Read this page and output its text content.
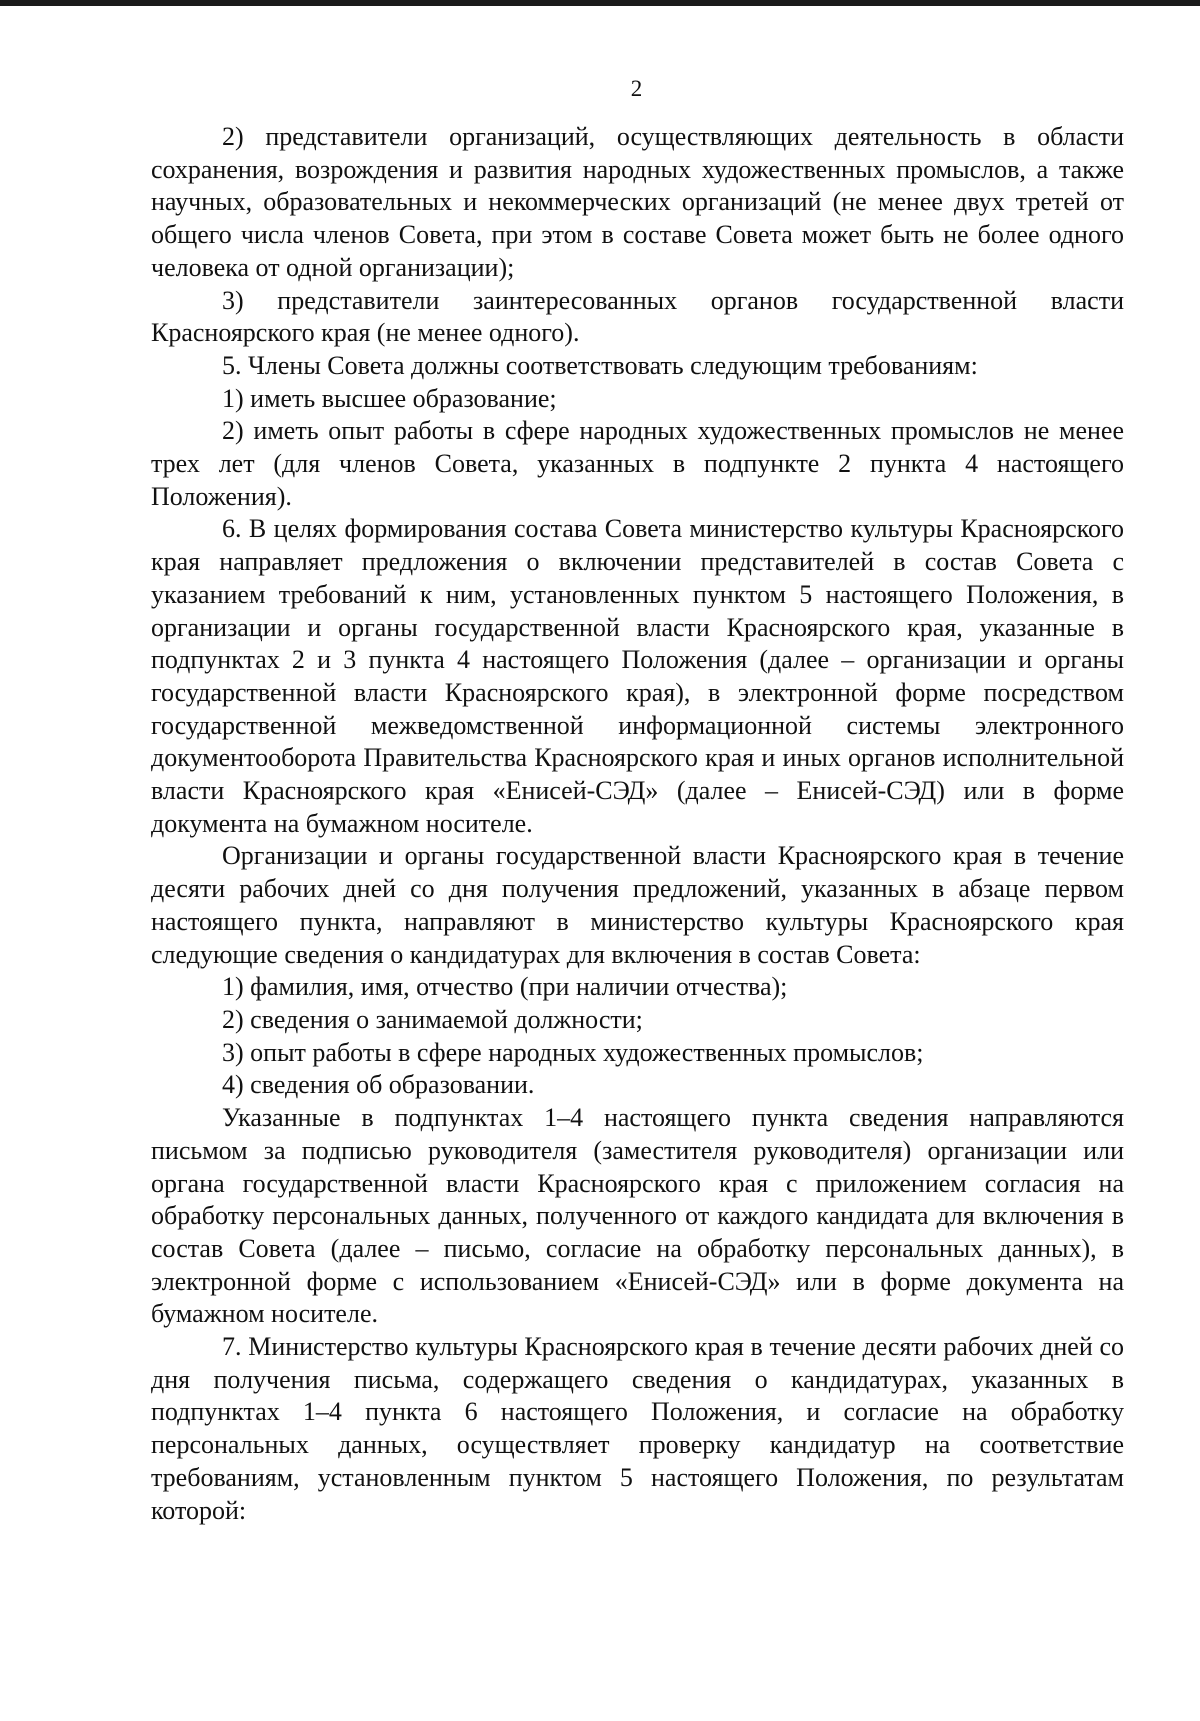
2

2) представители организаций, осуществляющих деятельность в области сохранения, возрождения и развития народных художественных промыслов, а также научных, образовательных и некоммерческих организаций (не менее двух третей от общего числа членов Совета, при этом в составе Совета может быть не более одного человека от одной организации);

3) представители заинтересованных органов государственной власти Красноярского края (не менее одного).

5. Члены Совета должны соответствовать следующим требованиям:

1) иметь высшее образование;

2) иметь опыт работы в сфере народных художественных промыслов не менее трех лет (для членов Совета, указанных в подпункте 2 пункта 4 настоящего Положения).

6. В целях формирования состава Совета министерство культуры Красноярского края направляет предложения о включении представителей в состав Совета с указанием требований к ним, установленных пунктом 5 настоящего Положения, в организации и органы государственной власти Красноярского края, указанные в подпунктах 2 и 3 пункта 4 настоящего Положения (далее – организации и органы государственной власти Красноярского края), в электронной форме посредством государственной межведомственной информационной системы электронного документооборота Правительства Красноярского края и иных органов исполнительной власти Красноярского края «Енисей-СЭД» (далее – Енисей-СЭД) или в форме документа на бумажном носителе.

Организации и органы государственной власти Красноярского края в течение десяти рабочих дней со дня получения предложений, указанных в абзаце первом настоящего пункта, направляют в министерство культуры Красноярского края следующие сведения о кандидатурах для включения в состав Совета:

1) фамилия, имя, отчество (при наличии отчества);

2) сведения о занимаемой должности;

3) опыт работы в сфере народных художественных промыслов;

4) сведения об образовании.

Указанные в подпунктах 1–4 настоящего пункта сведения направляются письмом за подписью руководителя (заместителя руководителя) организации или органа государственной власти Красноярского края с приложением согласия на обработку персональных данных, полученного от каждого кандидата для включения в состав Совета (далее – письмо, согласие на обработку персональных данных), в электронной форме с использованием «Енисей-СЭД» или в форме документа на бумажном носителе.

7. Министерство культуры Красноярского края в течение десяти рабочих дней со дня получения письма, содержащего сведения о кандидатурах, указанных в подпунктах 1–4 пункта 6 настоящего Положения, и согласие на обработку персональных данных, осуществляет проверку кандидатур на соответствие требованиям, установленным пунктом 5 настоящего Положения, по результатам которой:
